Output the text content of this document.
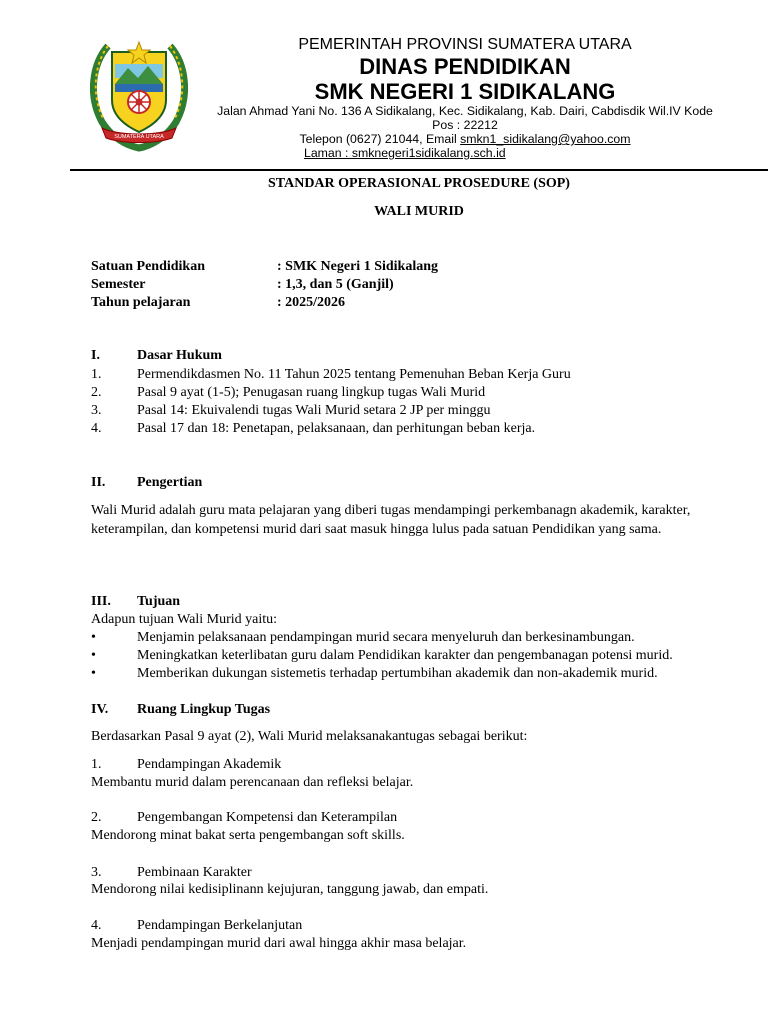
SUMATERA UTARA

PEMERINTAH PROVINSI SUMATERA UTARA

DINAS PENDIDIKAN

SMK NEGERI 1 SIDIKALANG

Jalan Ahmad Yani No. 136 A Sidikalang, Kec. Sidikalang, Kab. Dairi, Cabdisdik Wil.IV Kode

Pos : 22212

Telepon (0627) 21044, Email smkn1_sidikalang@yahoo.com

Laman : smknegeri1sidikalang.sch.id

STANDAR OPERASIONAL PROSEDURE (SOP)

WALI MURID

Satuan Pendidikan	: SMK Negeri 1 Sidikalang

Semester	: 1,3, dan 5 (Ganjil)

Tahun pelajaran	: 2025/2026

I.	Dasar Hukum

1.	Permendikdasmen No. 11 Tahun 2025 tentang Pemenuhan Beban Kerja Guru

2.	Pasal 9 ayat (1-5); Penugasan ruang lingkup tugas Wali Murid

3.	Pasal 14: Ekuivalendi tugas Wali Murid setara 2 JP per minggu

4.	Pasal 17 dan 18: Penetapan, pelaksanaan, dan perhitungan beban kerja.

II. Pengertian

Wali Murid adalah guru mata pelajaran yang diberi tugas mendampingi perkembanagn akademik, karakter, keterampilan, dan kompetensi murid dari saat masuk hingga lulus pada satuan Pendidikan yang sama.

III. Tujuan

Adapun tujuan Wali Murid yaitu:

•	Menjamin pelaksanaan pendampingan murid secara menyeluruh dan berkesinambungan.

•	Meningkatkan keterlibatan guru dalam Pendidikan karakter dan pengembanagan potensi murid.

•	Memberikan dukungan sistemetis terhadap pertumbihan akademik dan non-akademik murid.

IV. Ruang Lingkup Tugas

Berdasarkan Pasal 9 ayat (2), Wali Murid melaksanakantugas sebagai berikut:

1.	Pendampingan Akademik

Membantu murid dalam perencanaan dan refleksi belajar.

2.	Pengembangan Kompetensi dan Keterampilan

Mendorong minat bakat serta pengembangan soft skills.

3.	Pembinaan Karakter

Mendorong nilai kedisiplinann kejujuran, tanggung jawab, dan empati.

4.	Pendampingan Berkelanjutan

Menjadi pendampingan murid dari awal hingga akhir masa belajar.
